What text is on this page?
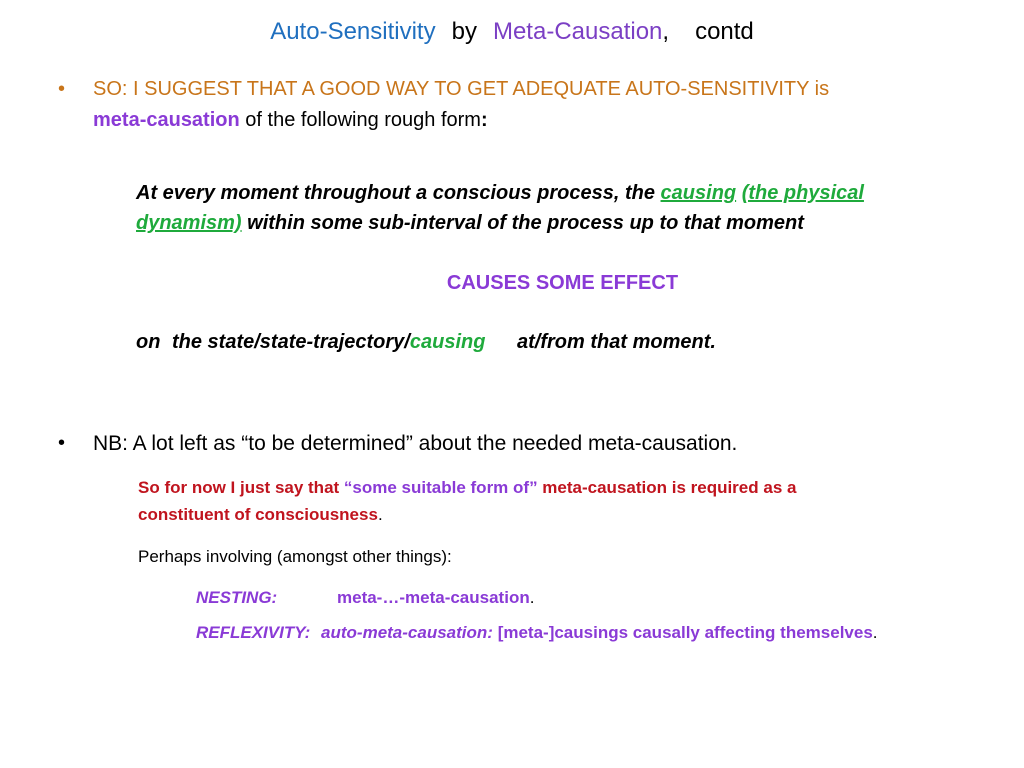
Auto-Sensitivity by Meta-Causation, contd
• SO: I SUGGEST THAT A GOOD WAY TO GET ADEQUATE AUTO-SENSITIVITY is
meta-causation of the following rough form:
At every moment throughout a conscious process, the causing (the physical
dynamism) within some sub-interval of the process up to that moment
CAUSES SOME EFFECT
on the state/state-trajectory/causing at/from that moment.
• NB: A lot left as “to be determined” about the needed meta-causation.
So for now I just say that “some suitable form of” meta-causation is required as a
constituent of consciousness.
Perhaps involving (amongst other things):
NESTING:	meta-…-meta-causation.
REFLEXIVITY: auto-meta-causation: [meta-]causings causally affecting themselves.
